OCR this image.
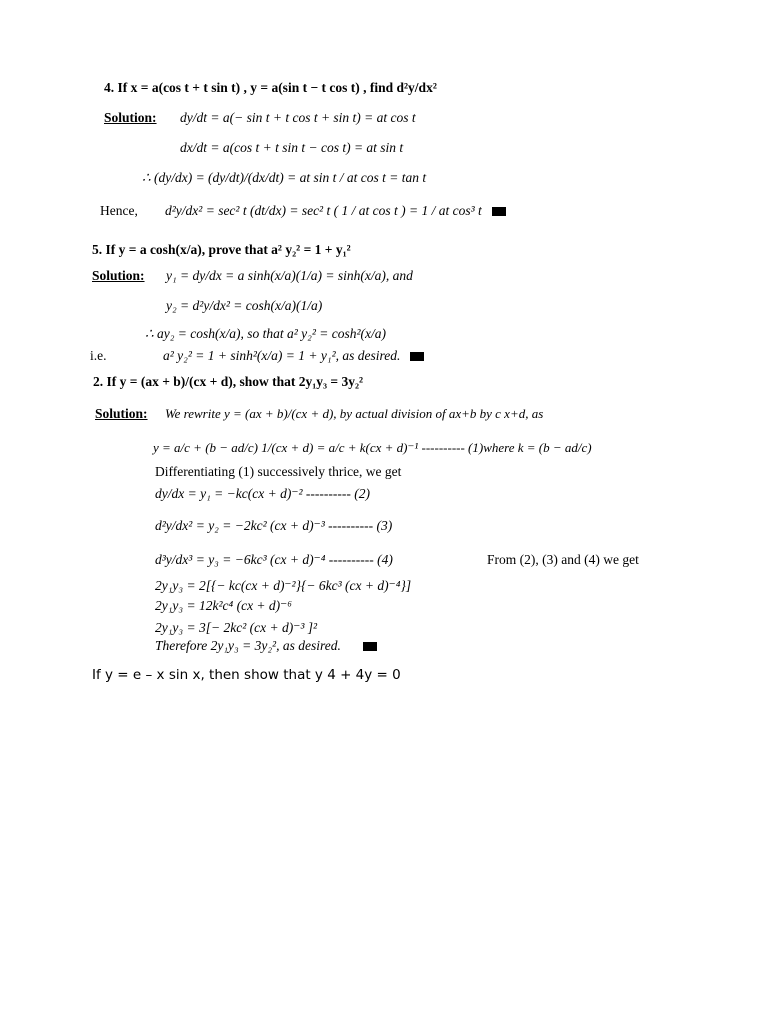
4. If x = a(cos t + t sin t) , y = a(sin t − t cos t) , find d²y/dx²
Solution: dy/dt = a(− sin t + t cos t + sin t) = at cos t
dx/dt = a(cos t + t sin t − cos t) = at sin t
∴ (dy/dx) = (dy/dt)/(dx/dt) = at sin t / at cos t = tan t
Hence, d²y/dx² = sec² t (dt/dx) = sec² t ( 1 / at cos t ) = 1 / at cos³ t
5. If y = a cosh(x/a), prove that a² y₂² = 1 + y₁²
Solution: y₁ = dy/dx = a sinh(x/a)(1/a) = sinh(x/a), and
y₂ = d²y/dx² = cosh(x/a)(1/a)
∴ ay₂ = cosh(x/a), so that a² y₂² = cosh²(x/a)
i.e.	a² y₂² = 1 + sinh²(x/a) = 1 + y₁², as desired.
2. If y = (ax + b)/(cx + d), show that 2y₁y₃ = 3y₂²
Solution: We rewrite y = (ax + b)/(cx + d), by actual division of ax+b by c x+d, as
y = a/c + (b − ad/c) 1/(cx + d) = a/c + k(cx + d)⁻¹ ---------- (1)where k = (b − ad/c)
Differentiating (1) successively thrice, we get
dy/dx = y₁ = −kc(cx + d)⁻² ---------- (2)
d²y/dx² = y₂ = −2kc² (cx + d)⁻³ ---------- (3)
d³y/dx³ = y₃ = −6kc³ (cx + d)⁻⁴ ---------- (4)	From (2), (3) and (4) we get
2y₁y₃ = 2[{− kc(cx + d)⁻²}{− 6kc³ (cx + d)⁻⁴}]
2y₁y₃ = 12k²c⁴ (cx + d)⁻⁶
2y₁y₃ = 3[− 2kc² (cx + d)⁻³ ]²
Therefore 2y₁y₃ = 3y₂², as desired.
If y = e – x sin x, then show that y 4 + 4y = 0
